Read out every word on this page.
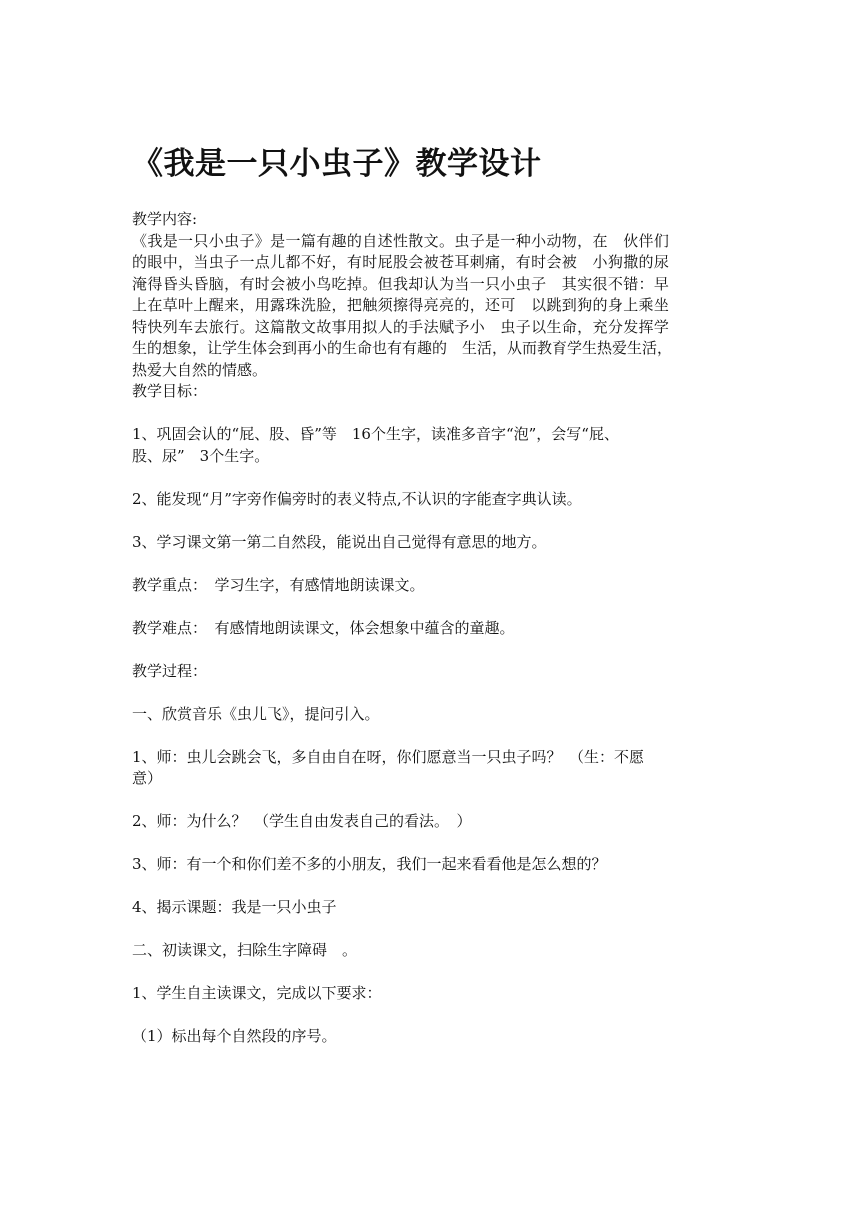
《我是一只小虫子》教学设计
教学内容:
《我是一只小虫子》是一篇有趣的自述性散文。虫子是一种小动物，在　伙伴们
的眼中，当虫子一点儿都不好，有时屁股会被苍耳刺痛，有时会被　小狗撒的尿
淹得昏头昏脑，有时会被小鸟吃掉。但我却认为当一只小虫子　其实很不错：早
上在草叶上醒来，用露珠洗脸，把触须擦得亮亮的，还可　以跳到狗的身上乘坐
特快列车去旅行。这篇散文故事用拟人的手法赋予小　虫子以生命，充分发挥学
生的想象，让学生体会到再小的生命也有有趣的　生活，从而教育学生热爱生活，
热爱大自然的情感。
教学目标：
1、巩固会认的“屁、股、昏”等　16个生字，读准多音字“泡”，会写“屁、
股、尿”　3个生字。
2、能发现“月”字旁作偏旁时的表义特点,不认识的字能查字典认读。
3、学习课文第一第二自然段，能说出自己觉得有意思的地方。
教学重点：　学习生字，有感情地朗读课文。
教学难点：　有感情地朗读课文，体会想象中蕴含的童趣。
教学过程：
一、欣赏音乐《虫儿飞》，提问引入。
1、师：虫儿会跳会飞，多自由自在呀，你们愿意当一只虫子吗？　（生：不愿
意）
2、师：为什么？　（学生自由发表自己的看法。　）
3、师：有一个和你们差不多的小朋友，我们一起来看看他是怎么想的？
4、揭示课题：我是一只小虫子
二、初读课文，扫除生字障碍　。
1、学生自主读课文，完成以下要求：
（1）标出每个自然段的序号。
